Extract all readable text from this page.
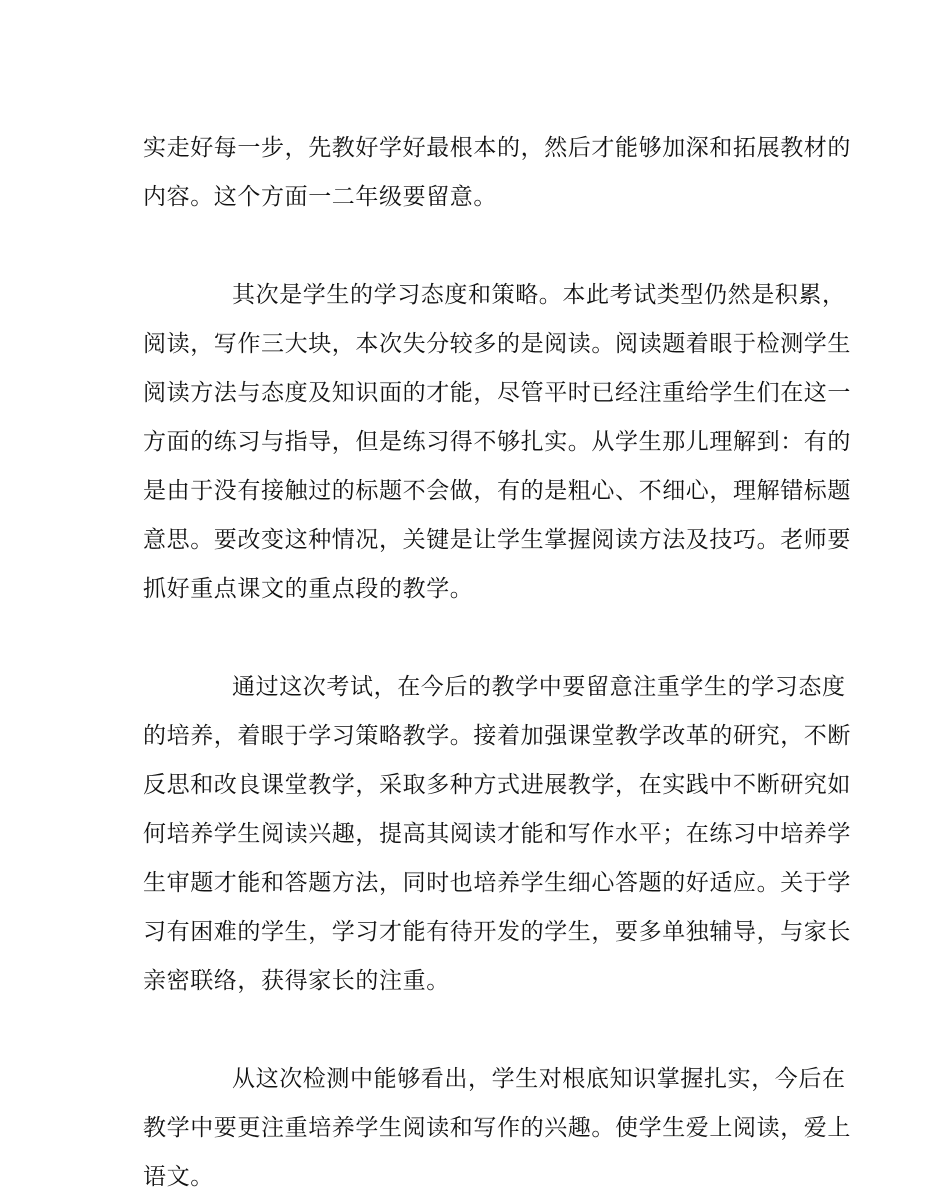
实走好每一步，先教好学好最根本的，然后才能够加深和拓展教材的
内容。这个方面一二年级要留意。
其次是学生的学习态度和策略。本此考试类型仍然是积累，
阅读，写作三大块，本次失分较多的是阅读。阅读题着眼于检测学生
阅读方法与态度及知识面的才能，尽管平时已经注重给学生们在这一
方面的练习与指导，但是练习得不够扎实。从学生那儿理解到：有的
是由于没有接触过的标题不会做，有的是粗心、不细心，理解错标题
意思。要改变这种情况，关键是让学生掌握阅读方法及技巧。老师要
抓好重点课文的重点段的教学。
通过这次考试，在今后的教学中要留意注重学生的学习态度
的培养，着眼于学习策略教学。接着加强课堂教学改革的研究，不断
反思和改良课堂教学，采取多种方式进展教学，在实践中不断研究如
何培养学生阅读兴趣，提高其阅读才能和写作水平；在练习中培养学
生审题才能和答题方法，同时也培养学生细心答题的好适应。关于学
习有困难的学生，学习才能有待开发的学生，要多单独辅导，与家长
亲密联络，获得家长的注重。
从这次检测中能够看出，学生对根底知识掌握扎实，今后在
教学中要更注重培养学生阅读和写作的兴趣。使学生爱上阅读，爱上
语文。
